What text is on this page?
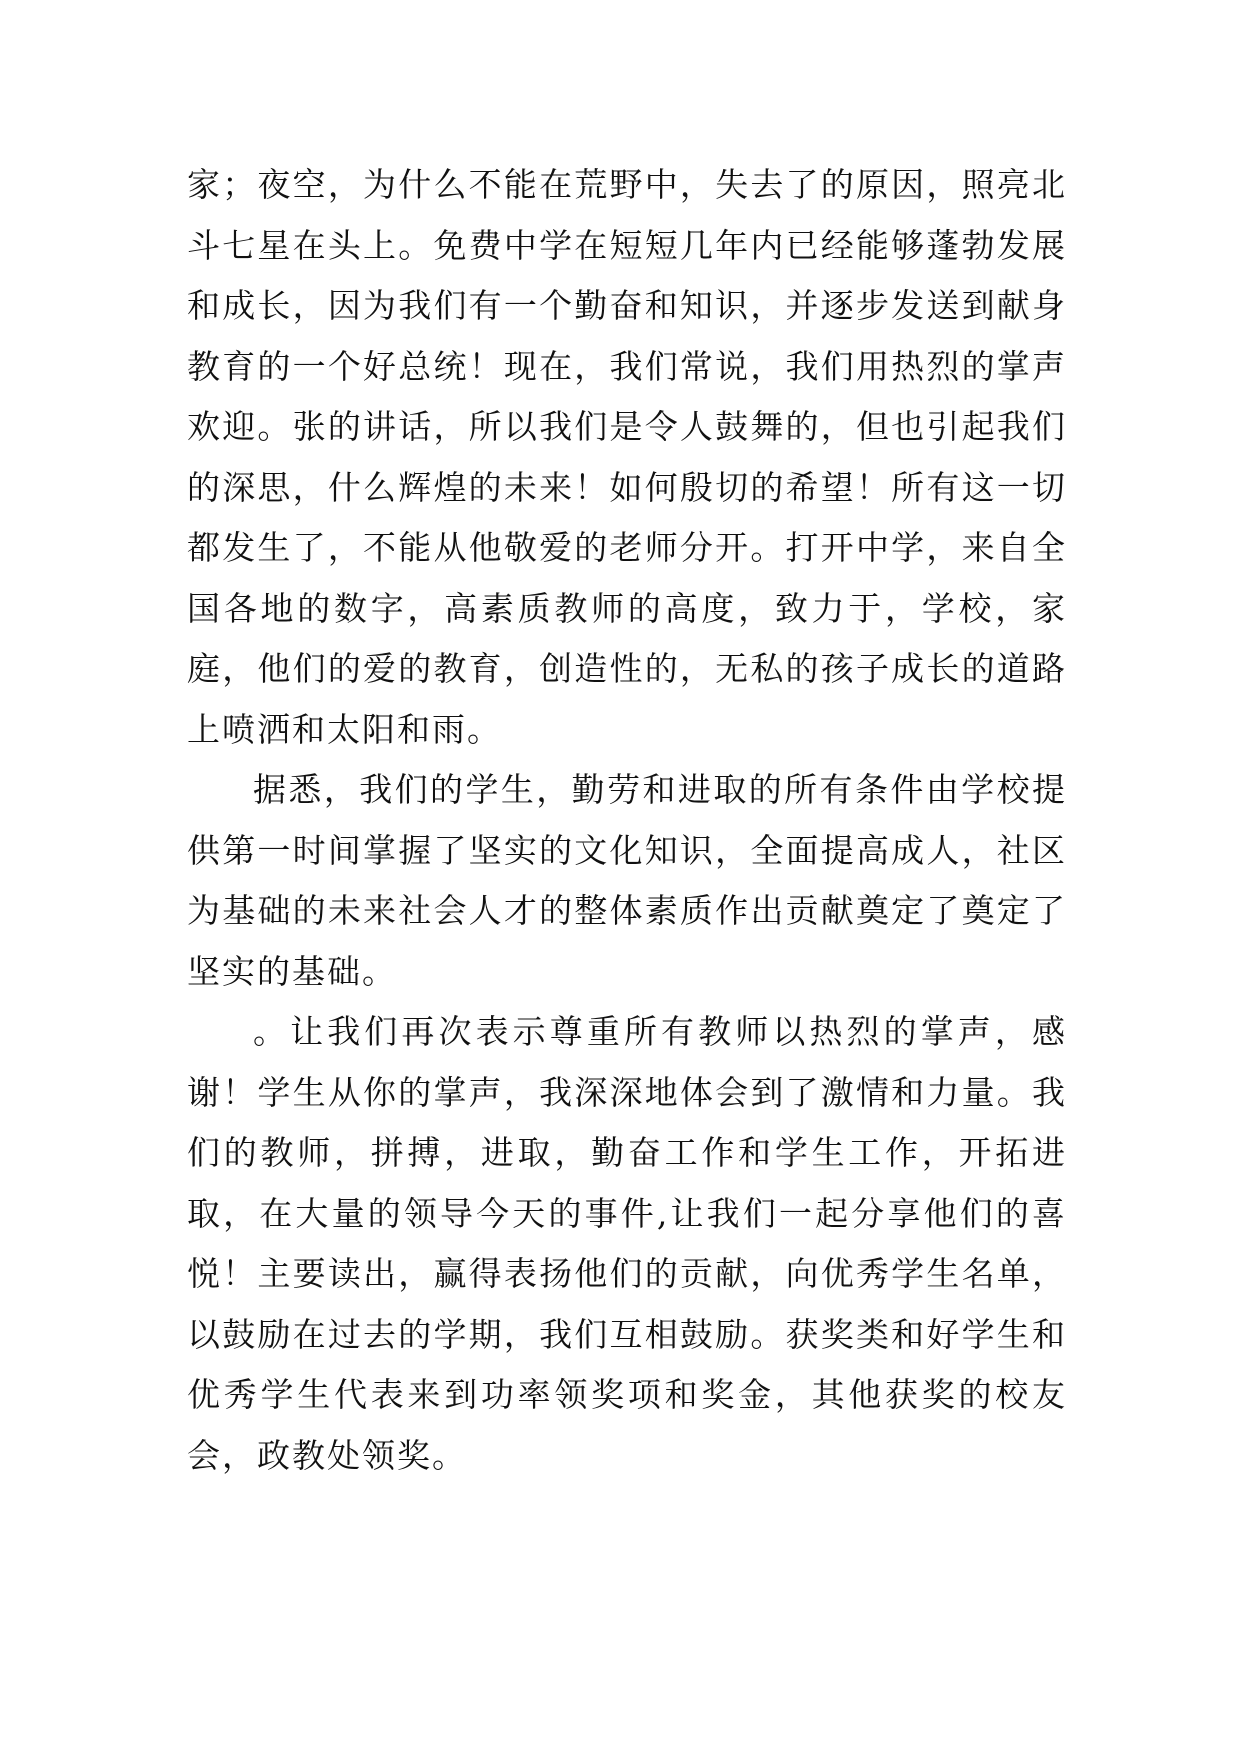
家；夜空，为什么不能在荒野中，失去了的原因，照亮北斗七星在头上。免费中学在短短几年内已经能够蓬勃发展和成长，因为我们有一个勤奋和知识，并逐步发送到献身教育的一个好总统！现在，我们常说，我们用热烈的掌声欢迎。张的讲话，所以我们是令人鼓舞的，但也引起我们的深思，什么辉煌的未来！如何殷切的希望！所有这一切都发生了，不能从他敬爱的老师分开。打开中学，来自全国各地的数字，高素质教师的高度，致力于，学校，家庭，他们的爱的教育，创造性的，无私的孩子成长的道路上喷洒和太阳和雨。

据悉，我们的学生，勤劳和进取的所有条件由学校提供第一时间掌握了坚实的文化知识，全面提高成人，社区为基础的未来社会人才的整体素质作出贡献奠定了奠定了坚实的基础。

。让我们再次表示尊重所有教师以热烈的掌声，感谢！学生从你的掌声，我深深地体会到了激情和力量。我们的教师，拼搏，进取，勤奋工作和学生工作，开拓进取，在大量的领导今天的事件,让我们一起分享他们的喜悦！主要读出，赢得表扬他们的贡献，向优秀学生名单，以鼓励在过去的学期，我们互相鼓励。获奖类和好学生和优秀学生代表来到功率领奖项和奖金，其他获奖的校友会，政教处领奖。
